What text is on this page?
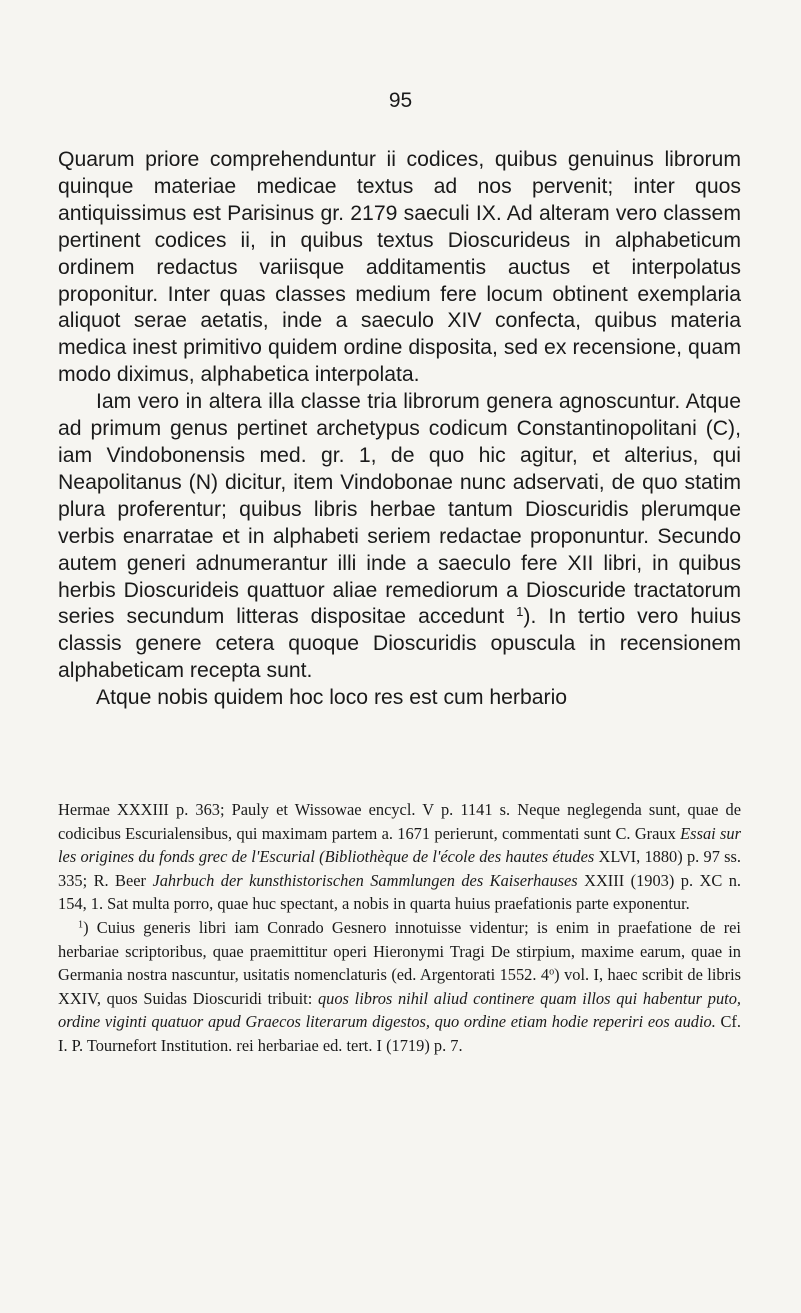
95

Quarum priore comprehenduntur ii codices, quibus genuinus librorum quinque materiae medicae textus ad nos pervenit; inter quos antiquissimus est Parisinus gr. 2179 saeculi IX. Ad alteram vero classem pertinent codices ii, in quibus textus Dioscurideus in alphabeticum ordinem redactus variisque additamentis auctus et interpolatus proponitur. Inter quas classes medium fere locum obtinent exemplaria aliquot serae aetatis, inde a saeculo XIV confecta, quibus materia medica inest primitivo quidem ordine disposita, sed ex recensione, quam modo diximus, alphabetica interpolata.

Iam vero in altera illa classe tria librorum genera agnoscuntur. Atque ad primum genus pertinet archetypus codicum Constantinopolitani (C), iam Vindobonensis med. gr. 1, de quo hic agitur, et alterius, qui Neapolitanus (N) dicitur, item Vindobonae nunc adservati, de quo statim plura proferentur; quibus libris herbae tantum Dioscuridis plerumque verbis enarratae et in alphabeti seriem redactae proponuntur. Secundo autem generi adnumerantur illi inde a saeculo fere XII libri, in quibus herbis Dioscurideis quattuor aliae remediorum a Dioscuride tractatorum series secundum litteras dispositae accedunt $^1$). In tertio vero huius classis genere cetera quoque Dioscuridis opuscula in recensionem alphabeticam recepta sunt.

Atque nobis quidem hoc loco res est cum herbario

Hermae XXXIII p. 363; Pauly et Wissowae encycl. V p. 1141 s. Neque neglegenda sunt, quae de codicibus Escurialensibus, qui maximam partem a. 1671 perierunt, commentati sunt C. Graux Essai sur les origines du fonds grec de l'Escurial (Bibliothèque de l'école des hautes études XLVI, 1880) p. 97 ss. 335; R. Beer Jahrbuch der kunsthistorischen Sammlungen des Kaiserhauses XXIII (1903) p. XC n. 154, 1. Sat multa porro, quae huc spectant, a nobis in quarta huius praefationis parte exponentur.

$^1$) Cuius generis libri iam Conrado Gesnero innotuisse videntur; is enim in praefatione de rei herbariae scriptoribus, quae praemittitur operi Hieronymi Tragi De stirpium, maxime earum, quae in Germania nostra nascuntur, usitatis nomenclaturis (ed. Argentorati 1552. 4$^o$) vol. I, haec scribit de libris XXIV, quos Suidas Dioscuridi tribuit: quos libros nihil aliud continere quam illos qui habentur puto, ordine viginti quatuor apud Graecos literarum digestos, quo ordine etiam hodie reperiri eos audio. Cf. I. P. Tournefort Institution. rei herbariae ed. tert. I (1719) p. 7.
